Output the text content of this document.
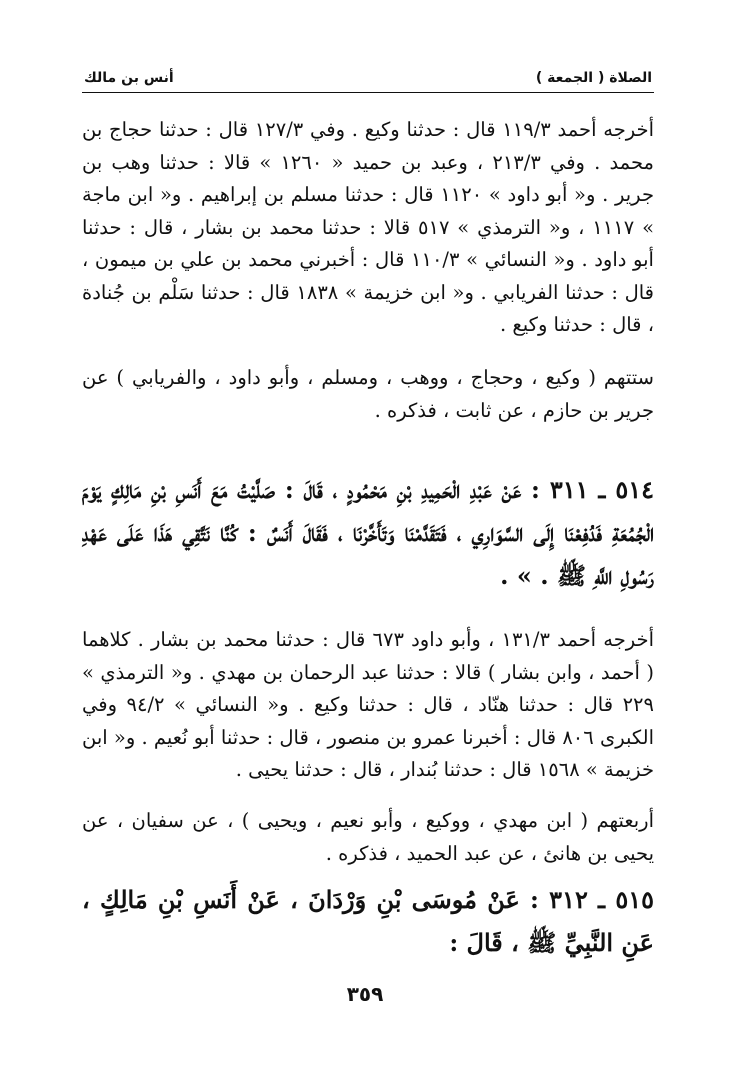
الصلاة ( الجمعة )
أنس بن مالك

أخرجه أحمد ١١٩/٣ قال : حدثنا وكيع . وفي ١٢٧/٣ قال : حدثنا حجاج بن محمد . وفي ٢١٣/٣ ، وعبد بن حميد « ١٢٦٠ » قالا : حدثنا وهب بن جرير . و« أبو داود » ١١٢٠ قال : حدثنا مسلم بن إبراهيم . و« ابن ماجة » ١١١٧ ، و« الترمذي » ٥١٧ قالا : حدثنا محمد بن بشار ، قال : حدثنا أبو داود . و« النسائي » ١١٠/٣ قال : أخبرني محمد بن علي بن ميمون ، قال : حدثنا الفريابي . و« ابن خزيمة » ١٨٣٨ قال : حدثنا سَلْم بن جُنادة ، قال : حدثنا وكيع .

ستتهم ( وكيع ، وحجاج ، ووهب ، ومسلم ، وأبو داود ، والفريابي ) عن جرير بن حازم ، عن ثابت ، فذكره .

٥١٤ ـ ٣١١ : عَنْ عَبْدِ الْحَمِيدِ بْنِ مَحْمُودٍ ، قَالَ : صَلَّيْتُ مَعَ أَنَسِ بْنِ مَالِكٍ يَوْمَ الْجُمُعَةِ فَدُفِعْنَا إِلَى السَّوَارِي ، فَتَقَدَّمْنَا وَتَأَخَّرْنَا ، فَقَالَ أَنَسٌ : كُنَّا نَتَّقِي هَذَا عَلَى عَهْدِ رَسُولِ اللَّهِ ﷺ . » .

أخرجه أحمد ١٣١/٣ ، وأبو داود ٦٧٣ قال : حدثنا محمد بن بشار . كلاهما ( أحمد ، وابن بشار ) قالا : حدثنا عبد الرحمان بن مهدي . و« الترمذي » ٢٢٩ قال : حدثنا هنّاد ، قال : حدثنا وكيع . و« النسائي » ٩٤/٢ وفي الكبرى ٨٠٦ قال : أخبرنا عمرو بن منصور ، قال : حدثنا أبو نُعيم . و« ابن خزيمة » ١٥٦٨ قال : حدثنا بُندار ، قال : حدثنا يحيى .

أربعتهم ( ابن مهدي ، ووكيع ، وأبو نعيم ، ويحيى ) ، عن سفيان ، عن يحيى بن هانئ ، عن عبد الحميد ، فذكره .

٥١٥ ـ ٣١٢ : عَنْ مُوسَى بْنِ وَرْدَانَ ، عَنْ أَنَسِ بْنِ مَالِكٍ ، عَنِ النَّبِيِّ ﷺ ، قَالَ :

٣٥٩
